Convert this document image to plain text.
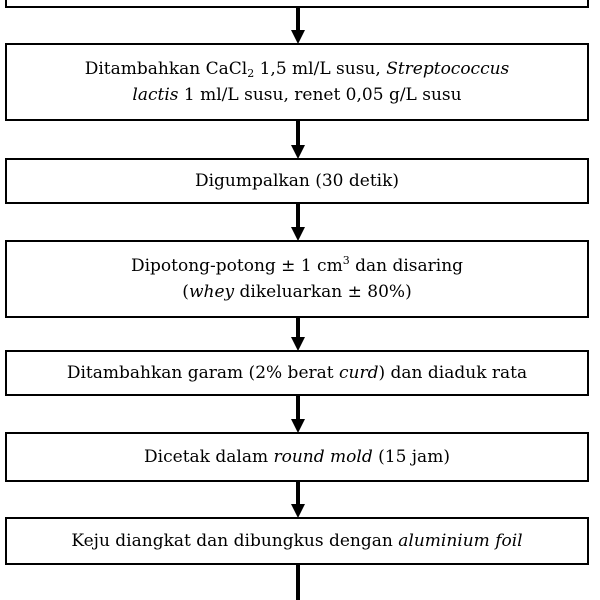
Ditambahkan CaCl$_2$ 1,5 ml/L susu, Streptococcus
lactis 1 ml/L susu, renet 0,05 g/L susu
Digumpalkan (30 detik)
Dipotong-potong ± 1 $cm^3$ dan disaring
(whey dikeluarkan ± 80%)
Ditambahkan garam (2% berat curd) dan diaduk rata
Dicetak dalam round mold (15 jam)
Keju diangkat dan dibungkus dengan aluminium foil
